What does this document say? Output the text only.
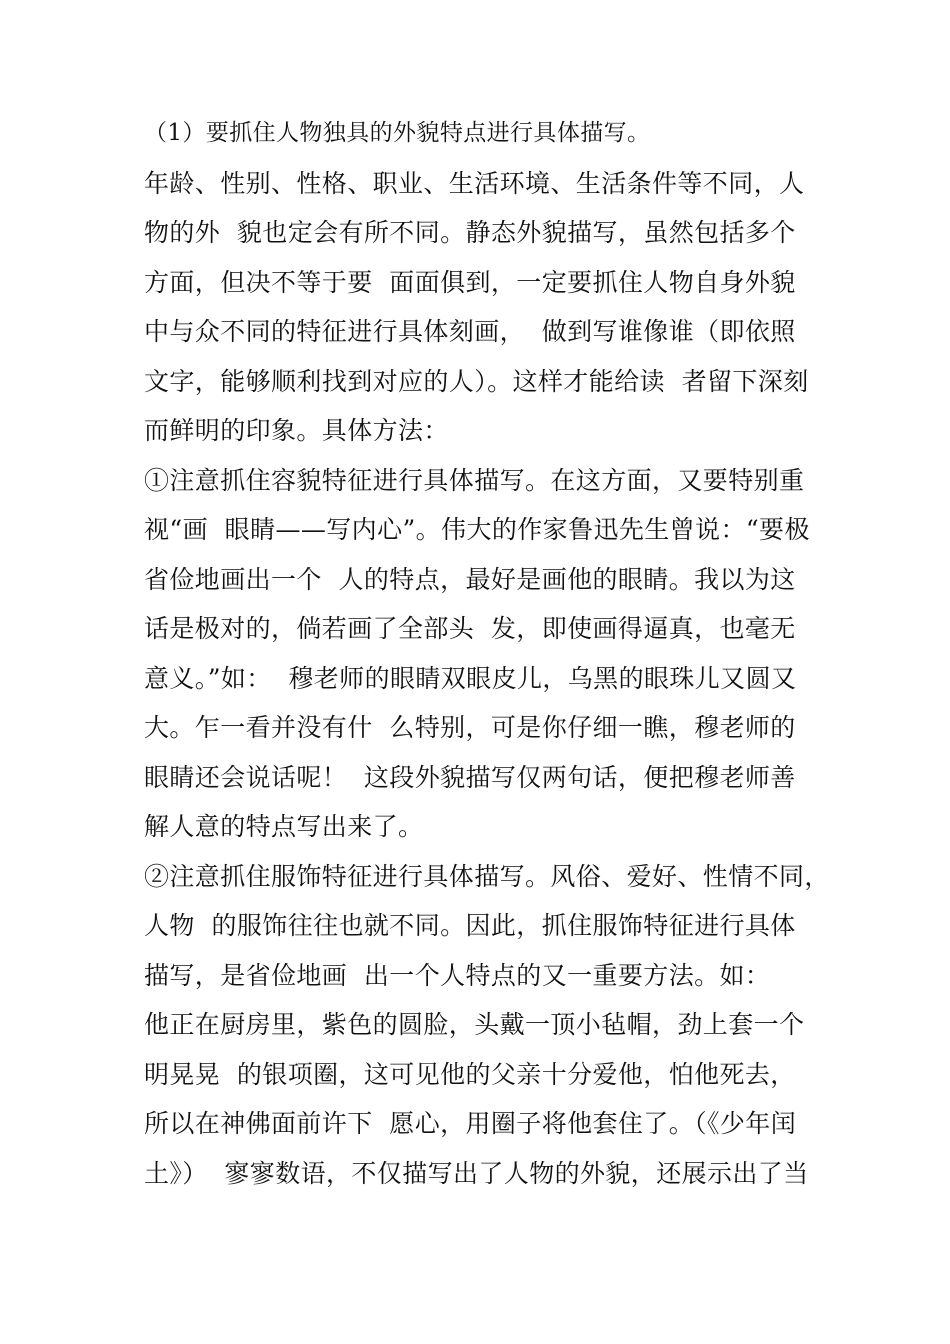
（1）要抓住人物独具的外貌特点进行具体描写。
年龄、性别、性格、职业、生活环境、生活条件等不同，人
物的外  貌也定会有所不同。静态外貌描写，虽然包括多个
方面，但决不等于要  面面俱到，一定要抓住人物自身外貌
中与众不同的特征进行具体刻画，  做到写谁像谁（即依照
文字，能够顺利找到对应的人）。这样才能给读  者留下深刻
而鲜明的印象。具体方法：
①注意抓住容貌特征进行具体描写。在这方面，又要特别重
视“画  眼睛——写内心”。伟大的作家鲁迅先生曾说：“要极
省俭地画出一个  人的特点，最好是画他的眼睛。我以为这
话是极对的，倘若画了全部头  发，即使画得逼真，也毫无
意义。”如：  穆老师的眼睛双眼皮儿，乌黑的眼珠儿又圆又
大。乍一看并没有什  么特别，可是你仔细一瞧，穆老师的
眼睛还会说话呢！  这段外貌描写仅两句话，便把穆老师善
解人意的特点写出来了。
②注意抓住服饰特征进行具体描写。风俗、爱好、性情不同，
人物  的服饰往往也就不同。因此，抓住服饰特征进行具体
描写，是省俭地画  出一个人特点的又一重要方法。如：
他正在厨房里，紫色的圆脸，头戴一顶小毡帽，劲上套一个
明晃晃  的银项圈，这可见他的父亲十分爱他，怕他死去，
所以在神佛面前许下  愿心，用圈子将他套住了。（《少年闰
土》）  寥寥数语，不仅描写出了人物的外貌，还展示出了当
